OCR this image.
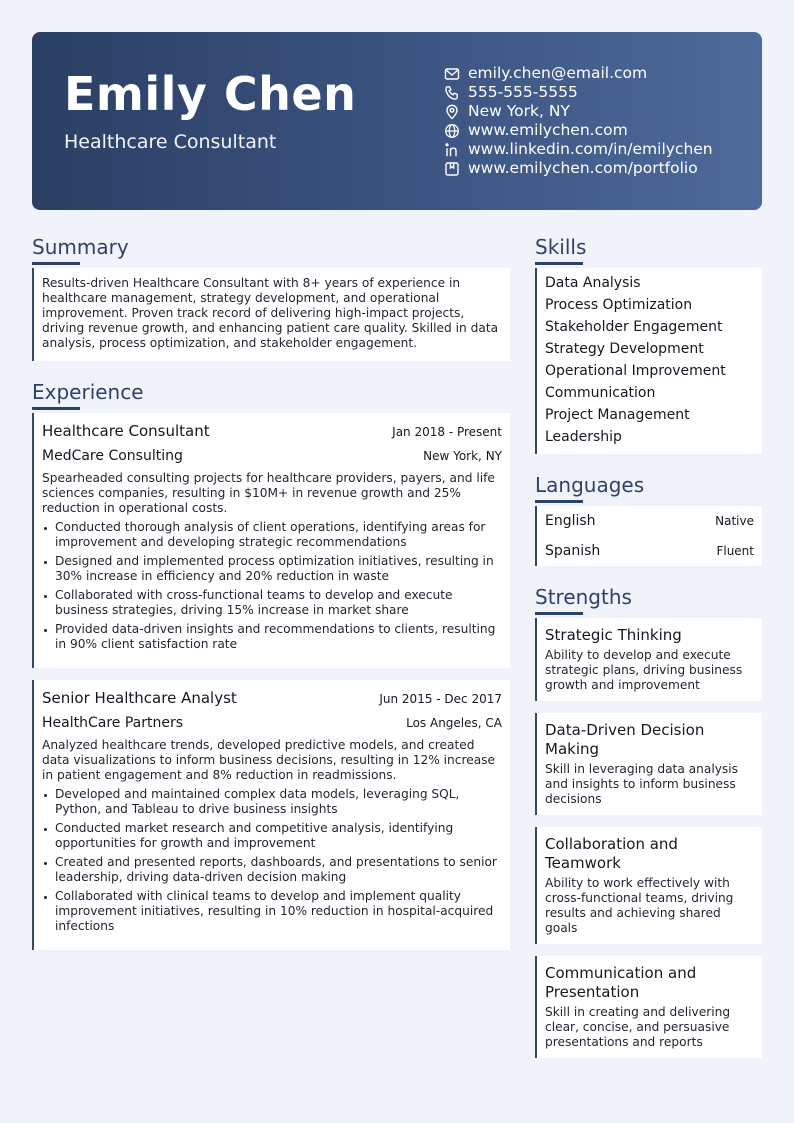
Emily Chen
Healthcare Consultant
emily.chen@email.com
555-555-5555
New York, NY
www.emilychen.com
www.linkedin.com/in/emilychen
www.emilychen.com/portfolio
Summary
Results-driven Healthcare Consultant with 8+ years of experience in healthcare management, strategy development, and operational improvement. Proven track record of delivering high-impact projects, driving revenue growth, and enhancing patient care quality. Skilled in data analysis, process optimization, and stakeholder engagement.
Experience
Healthcare Consultant	Jan 2018 - Present
MedCare Consulting	New York, NY
Spearheaded consulting projects for healthcare providers, payers, and life sciences companies, resulting in $10M+ in revenue growth and 25% reduction in operational costs.
Conducted thorough analysis of client operations, identifying areas for improvement and developing strategic recommendations
Designed and implemented process optimization initiatives, resulting in 30% increase in efficiency and 20% reduction in waste
Collaborated with cross-functional teams to develop and execute business strategies, driving 15% increase in market share
Provided data-driven insights and recommendations to clients, resulting in 90% client satisfaction rate
Senior Healthcare Analyst	Jun 2015 - Dec 2017
HealthCare Partners	Los Angeles, CA
Analyzed healthcare trends, developed predictive models, and created data visualizations to inform business decisions, resulting in 12% increase in patient engagement and 8% reduction in readmissions.
Developed and maintained complex data models, leveraging SQL, Python, and Tableau to drive business insights
Conducted market research and competitive analysis, identifying opportunities for growth and improvement
Created and presented reports, dashboards, and presentations to senior leadership, driving data-driven decision making
Collaborated with clinical teams to develop and implement quality improvement initiatives, resulting in 10% reduction in hospital-acquired infections
Skills
Data Analysis
Process Optimization
Stakeholder Engagement
Strategy Development
Operational Improvement
Communication
Project Management
Leadership
Languages
English	Native
Spanish	Fluent
Strengths
Strategic Thinking
Ability to develop and execute strategic plans, driving business growth and improvement
Data-Driven Decision Making
Skill in leveraging data analysis and insights to inform business decisions
Collaboration and Teamwork
Ability to work effectively with cross-functional teams, driving results and achieving shared goals
Communication and Presentation
Skill in creating and delivering clear, concise, and persuasive presentations and reports
